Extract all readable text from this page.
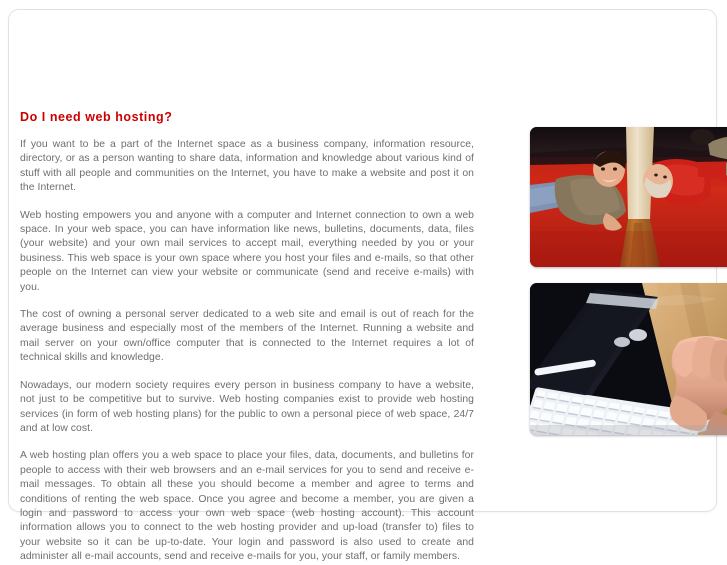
Do I need web hosting?

If you want to be a part of the Internet space as a business company, information resource, directory, or as a person wanting to share data, information and knowledge about various kind of stuff with all people and communities on the Internet, you have to make a website and post it on the Internet.

Web hosting empowers you and anyone with a computer and Internet connection to own a web space. In your web space, you can have information like news, bulletins, documents, data, files (your website) and your own mail services to accept mail, everything needed by you or your business. This web space is your own space where you host your files and e-mails, so that other people on the Internet can view your website or communicate (send and receive e-mails) with you.

The cost of owning a personal server dedicated to a web site and email is out of reach for the average business and especially most of the members of the Internet. Running a website and mail server on your own/office computer that is connected to the Internet requires a lot of technical skills and knowledge.

Nowadays, our modern society requires every person in business company to have a website, not just to be competitive but to survive. Web hosting companies exist to provide web hosting services (in form of web hosting plans) for the public to own a personal piece of web space, 24/7 and at low cost.

A web hosting plan offers you a web space to place your files, data, documents, and bulletins for people to access with their web browsers and an e-mail services for you to send and receive e-mail messages. To obtain all these you should become a member and agree to terms and conditions of renting the web space. Once you agree and become a member, you are given a login and password to access your own web space (web hosting account). This account information allows you to connect to the web hosting provider and up-load (transfer to) files to your website so it can be up-to-date. Your login and password is also used to create and administer all e-mail accounts, send and receive e-mails for you, your staff, or family members.
